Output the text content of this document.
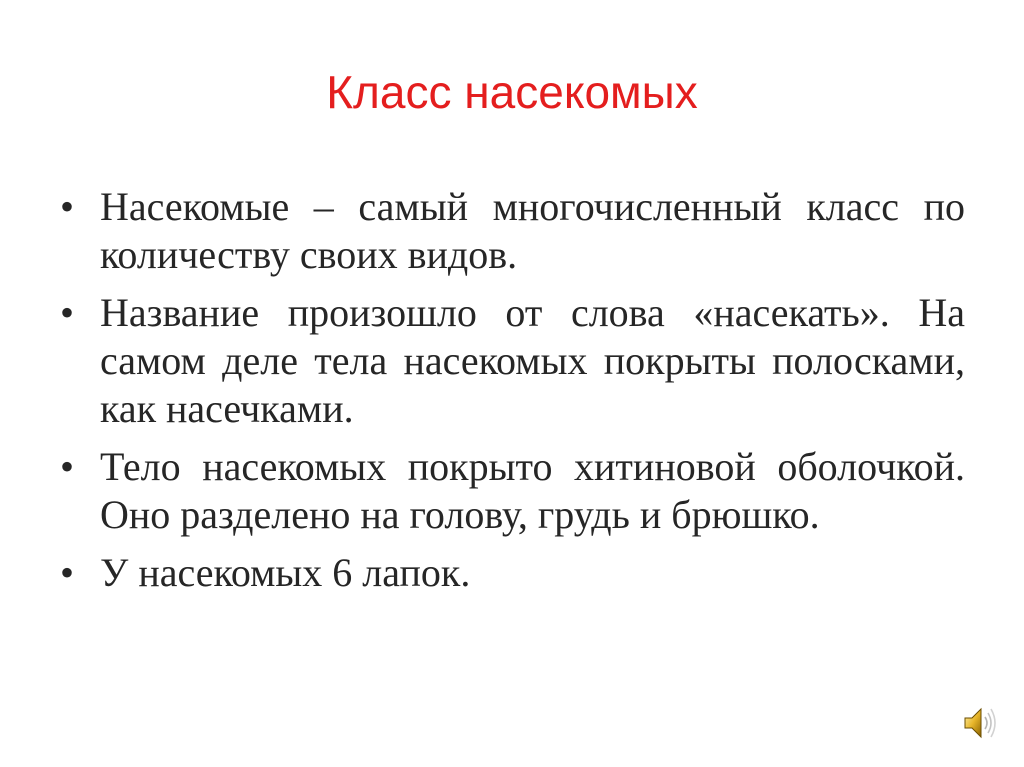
Класс насекомых
• Насекомые – самый многочисленный класс по количеству своих видов.
• Название произошло от слова «насекать». На самом деле тела насекомых покрыты полосками, как насечками.
• Тело насекомых покрыто хитиновой оболочкой. Оно разделено на голову, грудь и брюшко.
• У насекомых 6 лапок.
